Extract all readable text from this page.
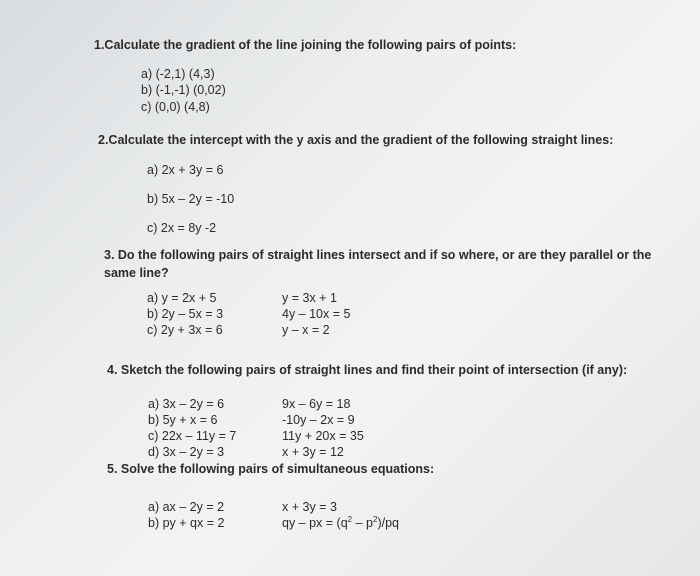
1.Calculate the gradient of the line joining the following pairs of points:
a) (-2,1) (4,3)
b) (-1,-1) (0,02)
c) (0,0) (4,8)
2.Calculate the intercept with the y axis and the gradient of the following straight lines:
a) 2x + 3y = 6
b) 5x – 2y = -10
c) 2x = 8y -2
3. Do the following pairs of straight lines intersect and if so where, or are they parallel or the same line?
a) y = 2x + 5
b) 2y – 5x = 3
c) 2y + 3x = 6
y = 3x + 1
4y – 10x = 5
y – x = 2
4. Sketch the following pairs of straight lines and find their point of intersection (if any):
a) 3x – 2y = 6
b) 5y + x = 6
c) 22x – 11y = 7
d) 3x – 2y = 3
9x – 6y = 18
-10y – 2x = 9
11y + 20x = 35
x + 3y = 12
5. Solve the following pairs of simultaneous equations:
a) ax – 2y = 2
b) py + qx = 2
x + 3y = 3
qy – px = $(q^2 - p^2)/pq$
